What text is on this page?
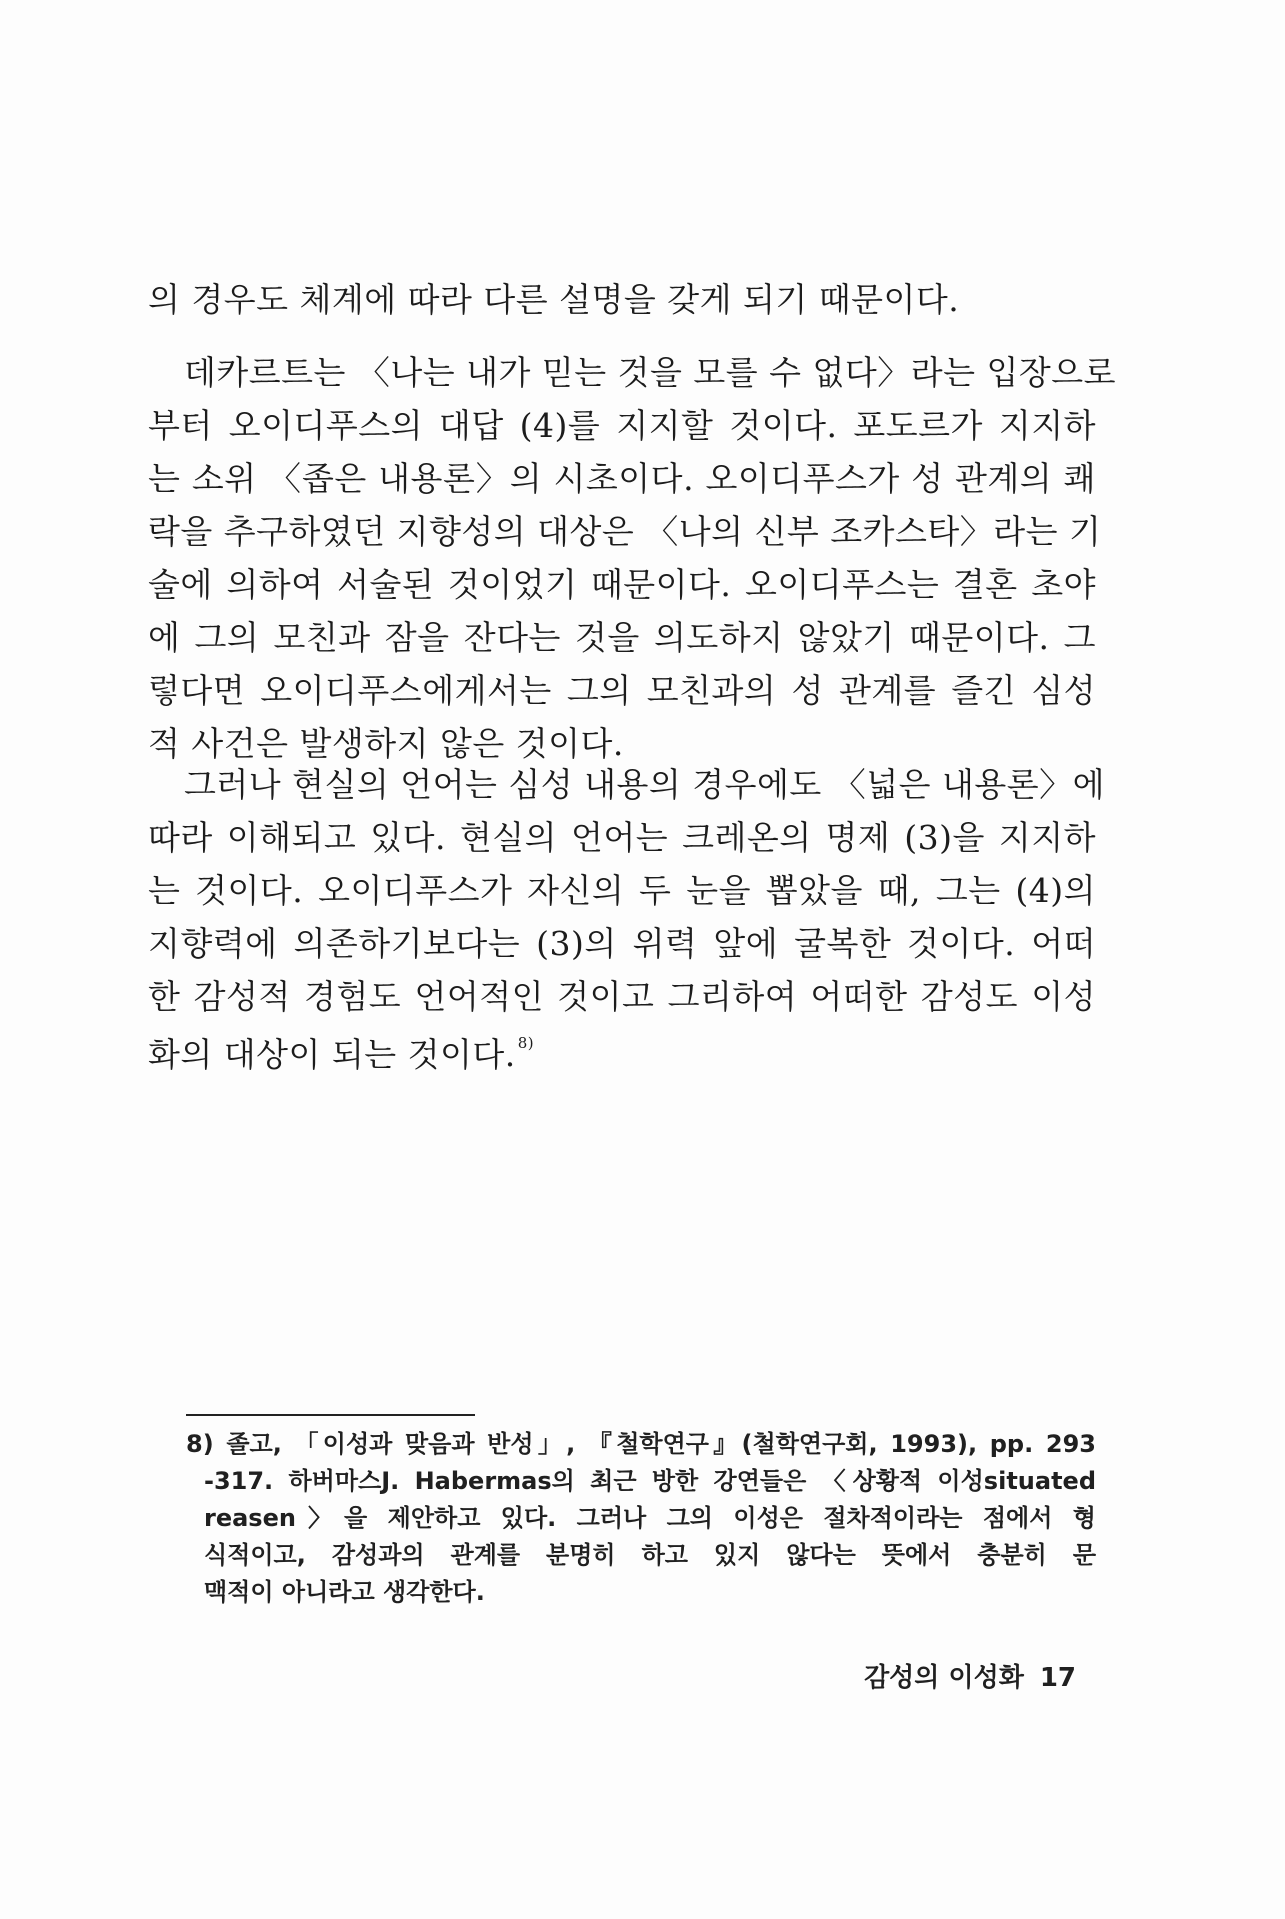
의 경우도 체계에 따라 다른 설명을 갖게 되기 때문이다.
데카르트는 〈나는 내가 믿는 것을 모를 수 없다〉라는 입장으로
부터 오이디푸스의 대답 (4)를 지지할 것이다. 포도르가 지지하
는 소위 〈좁은 내용론〉의 시초이다. 오이디푸스가 성 관계의 쾌
락을 추구하였던 지향성의 대상은 〈나의 신부 조카스타〉라는 기
술에 의하여 서술된 것이었기 때문이다. 오이디푸스는 결혼 초야
에 그의 모친과 잠을 잔다는 것을 의도하지 않았기 때문이다. 그
렇다면 오이디푸스에게서는 그의 모친과의 성 관계를 즐긴 심성
적 사건은 발생하지 않은 것이다.
그러나 현실의 언어는 심성 내용의 경우에도 〈넓은 내용론〉에
따라 이해되고 있다. 현실의 언어는 크레온의 명제 (3)을 지지하
는 것이다. 오이디푸스가 자신의 두 눈을 뽑았을 때, 그는 (4)의
지향력에 의존하기보다는 (3)의 위력 앞에 굴복한 것이다. 어떠
한 감성적 경험도 언어적인 것이고 그리하여 어떠한 감성도 이성
화의 대상이 되는 것이다. $^{8)}$
8) 졸고, 「이성과 맞음과 반성」, 『철학연구』(철학연구회, 1993), pp. 293
-317. 하버마스J. Habermas의 최근 방한 강연들은 〈상황적 이성situated
reasen〉을 제안하고 있다. 그러나 그의 이성은 절차적이라는 점에서 형
식적이고, 감성과의 관계를 분명히 하고 있지 않다는 뜻에서 충분히 문
맥적이 아니라고 생각한다.
감성의 이성화 17
